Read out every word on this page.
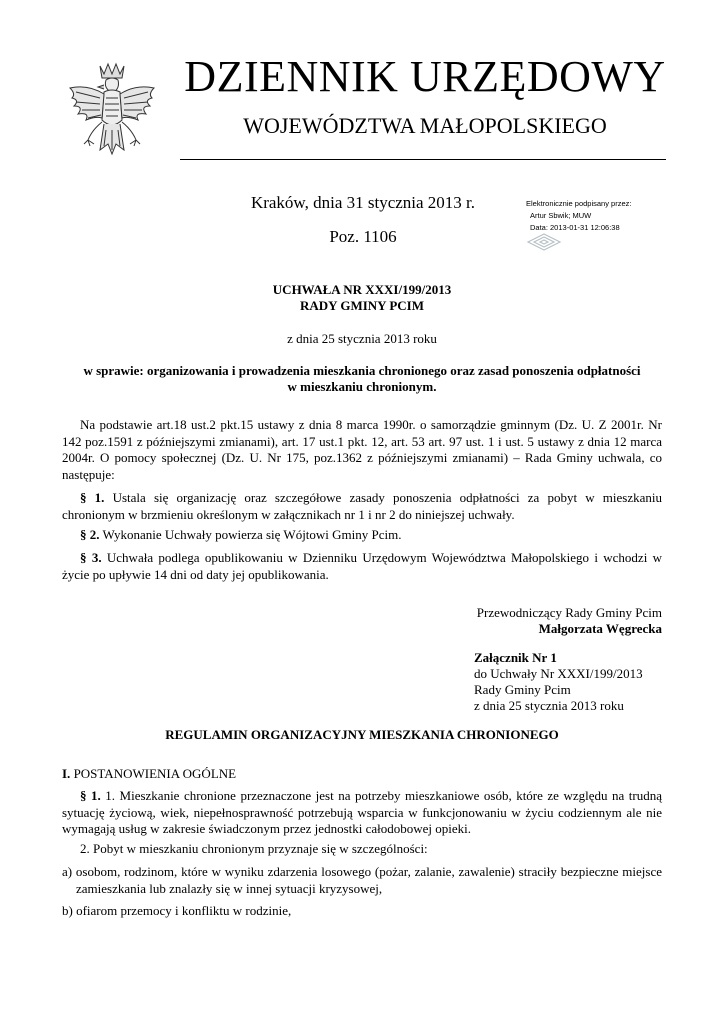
DZIENNIK URZĘDOWY
WOJEWÓDZTWA MAŁOPOLSKIEGO
Kraków, dnia 31 stycznia 2013 r.
Poz. 1106
Elektronicznie podpisany przez:
Artur Sbwik; MUW
Data: 2013-01-31 12:06:38
UCHWAŁA NR XXXI/199/2013
RADY GMINY PCIM
z dnia 25 stycznia 2013 roku
w sprawie: organizowania i prowadzenia mieszkania chronionego oraz zasad ponoszenia odpłatności
w mieszkaniu chronionym.
Na podstawie art.18 ust.2 pkt.15 ustawy z dnia 8 marca 1990r. o samorządzie gminnym (Dz. U. Z 2001r. Nr 142 poz.1591 z późniejszymi zmianami), art. 17 ust.1 pkt. 12, art. 53 art. 97 ust. 1 i ust. 5 ustawy z dnia 12 marca 2004r. O pomocy społecznej (Dz. U. Nr 175, poz.1362 z późniejszymi zmianami) – Rada Gminy uchwala, co następuje:
§ 1. Ustala się organizację oraz szczegółowe zasady ponoszenia odpłatności za pobyt w mieszkaniu chronionym w brzmieniu określonym w załącznikach nr 1 i nr 2 do niniejszej uchwały.
§ 2. Wykonanie Uchwały powierza się Wójtowi Gminy Pcim.
§ 3. Uchwała podlega opublikowaniu w Dzienniku Urzędowym Województwa Małopolskiego i wchodzi w życie po upływie 14 dni od daty jej opublikowania.
Przewodniczący Rady Gminy Pcim
Małgorzata Węgrecka
Załącznik Nr 1
do Uchwały Nr XXXI/199/2013
Rady Gminy Pcim
z dnia 25 stycznia 2013 roku
REGULAMIN ORGANIZACYJNY MIESZKANIA CHRONIONEGO
I. POSTANOWIENIA OGÓLNE
§ 1. 1. Mieszkanie chronione przeznaczone jest na potrzeby mieszkaniowe osób, które ze względu na trudną sytuację życiową, wiek, niepełnosprawność potrzebują wsparcia w funkcjonowaniu w życiu codziennym ale nie wymagają usług w zakresie świadczonym przez jednostki całodobowej opieki.
2. Pobyt w mieszkaniu chronionym przyznaje się w szczególności:
a) osobom, rodzinom, które w wyniku zdarzenia losowego (pożar, zalanie, zawalenie) straciły bezpieczne miejsce zamieszkania lub znalazły się w innej sytuacji kryzysowej,
b) ofiarom przemocy i konfliktu w rodzinie,
